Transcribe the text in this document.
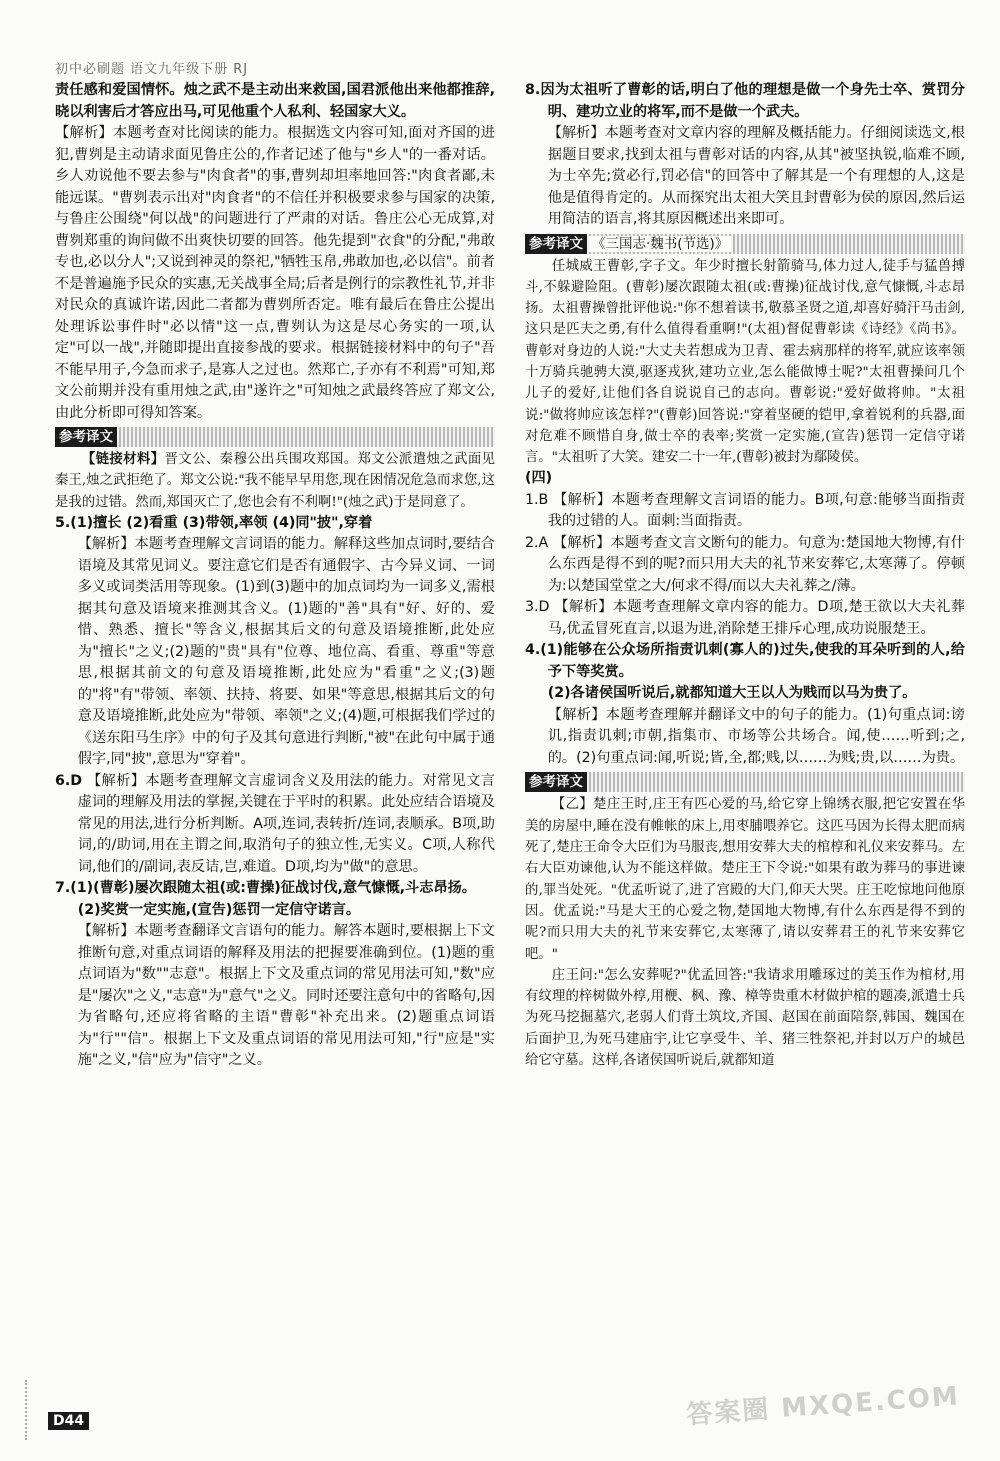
初中必刷题 语文九年级下册 RJ

责任感和爱国情怀。烛之武不是主动出来救国,国君派他出来他都推辞,晓以利害后才答应出马,可见他重个人私利、轻国家大义。

【解析】本题考查对比阅读的能力。根据选文内容可知,面对齐国的进犯,曹刿是主动请求面见鲁庄公的,作者记述了他与"乡人"的一番对话。乡人劝说他不要去参与"肉食者"的事,曹刿却坦率地回答:"肉食者鄙,未能远谋。"曹刿表示出对"肉食者"的不信任并积极要求参与国家的决策,与鲁庄公围绕"何以战"的问题进行了严肃的对话。鲁庄公心无成算,对曹刿郑重的询问做不出爽快切要的回答。他先提到"衣食"的分配,"弗敢专也,必以分人";又说到神灵的祭祀,"牺牲玉帛,弗敢加也,必以信"。前者不是普遍施予民众的实惠,无关战事全局;后者是例行的宗教性礼节,并非对民众的真诚许诺,因此二者都为曹刿所否定。唯有最后在鲁庄公提出处理诉讼事件时"必以情"这一点,曹刿认为这是尽心务实的一项,认定"可以一战",并随即提出直接参战的要求。根据链接材料中的句子"吾不能早用子,今急而求子,是寡人之过也。然郑亡,子亦有不利焉"可知,郑文公前期并没有重用烛之武,由"遂许之"可知烛之武最终答应了郑文公,由此分析即可得知答案。

参考译文

【链接材料】晋文公、秦穆公出兵围攻郑国。郑文公派遣烛之武面见秦王,烛之武拒绝了。郑文公说:"我不能早早用您,现在困情况危急而求您,这是我的过错。然而,郑国灭亡了,您也会有不利啊!"(烛之武)于是同意了。

5.(1)擅长 (2)看重 (3)带领,率领 (4)同"披",穿着

【解析】本题考查理解文言词语的能力。解释这些加点词时,要结合语境及其常见词义。要注意它们是否有通假字、古今异义词、一词多义或词类活用等现象。(1)到(3)题中的加点词均为一词多义,需根据其句意及语境来推测其含义。(1)题的"善"具有"好、好的、爱惜、熟悉、擅长"等含义,根据其后文的句意及语境推断,此处应为"擅长"之义;(2)题的"贵"具有"位尊、地位高、看重、尊重"等意思,根据其前文的句意及语境推断,此处应为"看重"之义;(3)题的"将"有"带领、率领、扶持、将要、如果"等意思,根据其后文的句意及语境推断,此处应为"带领、率领"之义;(4)题,可根据我们学过的《送东阳马生序》中的句子及其句意进行判断,"被"在此句中属于通假字,同"披",意思为"穿着"。

6.D 【解析】本题考查理解文言虚词含义及用法的能力。对常见文言虚词的理解及用法的掌握,关键在于平时的积累。此处应结合语境及常见的用法,进行分析判断。A项,连词,表转折/连词,表顺承。B项,助词,的/助词,用在主谓之间,取消句子的独立性,无实义。C项,人称代词,他们的/副词,表反诘,岂,难道。D项,均为"做"的意思。

7.(1)(曹彰)屡次跟随太祖(或:曹操)征战讨伐,意气慷慨,斗志昂扬。

(2)奖赏一定实施,(宣告)惩罚一定信守诺言。

【解析】本题考查翻译文言语句的能力。解答本题时,要根据上下文推断句意,对重点词语的解释及用法的把握要准确到位。(1)题的重点词语为"数""志意"。根据上下文及重点词的常见用法可知,"数"应是"屡次"之义,"志意"为"意气"之义。同时还要注意句中的省略句,因为省略句,还应将省略的主语"曹彰"补充出来。(2)题重点词语为"行""信"。根据上下文及重点词语的常见用法可知,"行"应是"实施"之义,"信"应为"信守"之义。

8.因为太祖听了曹彰的话,明白了他的理想是做一个身先士卒、赏罚分明、建功立业的将军,而不是做一个武夫。

【解析】本题考查对文章内容的理解及概括能力。仔细阅读选文,根据题目要求,找到太祖与曹彰对话的内容,从其"被坚执锐,临难不顾,为士卒先;赏必行,罚必信"的回答中了解其是一个有理想的人,这是他是值得肯定的。从而探究出太祖大笑且封曹彰为侯的原因,然后运用简洁的语言,将其原因概述出来即可。

参考译文 《三国志·魏书(节选)》

任城威王曹彰,字子文。年少时擅长射箭骑马,体力过人,徒手与猛兽搏斗,不躲避险阻。(曹彰)屡次跟随太祖(或:曹操)征战讨伐,意气慷慨,斗志昂扬。太祖曹操曾批评他说:"你不想着读书,敬慕圣贤之道,却喜好骑汗马击剑,这只是匹夫之勇,有什么值得看重啊!"(太祖)督促曹彰读《诗经》《尚书》。曹彰对身边的人说:"大丈夫若想成为卫青、霍去病那样的将军,就应该率领十万骑兵驰骋大漠,驱逐戎狄,建功立业,怎么能做博士呢?"太祖曹操问几个儿子的爱好,让他们各自说说自己的志向。曹彰说:"爱好做将帅。"太祖说:"做将帅应该怎样?"(曹彰)回答说:"穿着坚硬的铠甲,拿着锐利的兵器,面对危难不顾惜自身,做士卒的表率;奖赏一定实施,(宣告)惩罚一定信守诺言。"太祖听了大笑。建安二十一年,(曹彰)被封为鄢陵侯。

(四)

1.B 【解析】本题考查理解文言词语的能力。B项,句意:能够当面指责我的过错的人。面刺:当面指责。

2.A 【解析】本题考查文言文断句的能力。句意为:楚国地大物博,有什么东西是得不到的呢?而只用大夫的礼节来安葬它,太寒薄了。停顿为:以楚国堂堂之大/何求不得/而以大夫礼葬之/薄。

3.D 【解析】本题考查理解文章内容的能力。D项,楚王欲以大夫礼葬马,优孟冒死直言,以退为进,消除楚王排斥心理,成功说服楚王。

4.(1)能够在公众场所指责讥刺(寡人的)过失,使我的耳朵听到的人,给予下等奖赏。

(2)各诸侯国听说后,就都知道大王以人为贱而以马为贵了。

【解析】本题考查理解并翻译文中的句子的能力。(1)句重点词:谤讥,指责讥刺;市朝,指集市、市场等公共场合。闻,使……听到;之,的。(2)句重点词:闻,听说;皆,全,都;贱,以……为贱;贵,以……为贵。

参考译文

【乙】楚庄王时,庄王有匹心爱的马,给它穿上锦绣衣服,把它安置在华美的房屋中,睡在没有帷帐的床上,用枣脯喂养它。这匹马因为长得太肥而病死了,楚庄王命令大臣们为马服丧,想用安葬大夫的棺椁和礼仪来安葬马。左右大臣劝谏他,认为不能这样做。楚庄王下令说:"如果有敢为葬马的事进谏的,罪当处死。"优孟听说了,进了宫殿的大门,仰天大哭。庄王吃惊地问他原因。优孟说:"马是大王的心爱之物,楚国地大物博,有什么东西是得不到的呢?而只用大夫的礼节来安葬它,太寒薄了,请以安葬君王的礼节来安葬它吧。"

庄王问:"怎么安葬呢?"优孟回答:"我请求用雕琢过的美玉作为棺材,用有纹理的梓树做外椁,用楩、枫、豫、樟等贵重木材做护棺的题凑,派遣士兵为死马挖掘墓穴,老弱人们背土筑坟,齐国、赵国在前面陪祭,韩国、魏国在后面护卫,为死马建庙宇,让它享受牛、羊、猪三牲祭祀,并封以万户的城邑给它守墓。这样,各诸侯国听说后,就都知道

D44	答案圈 MXQE.COM
